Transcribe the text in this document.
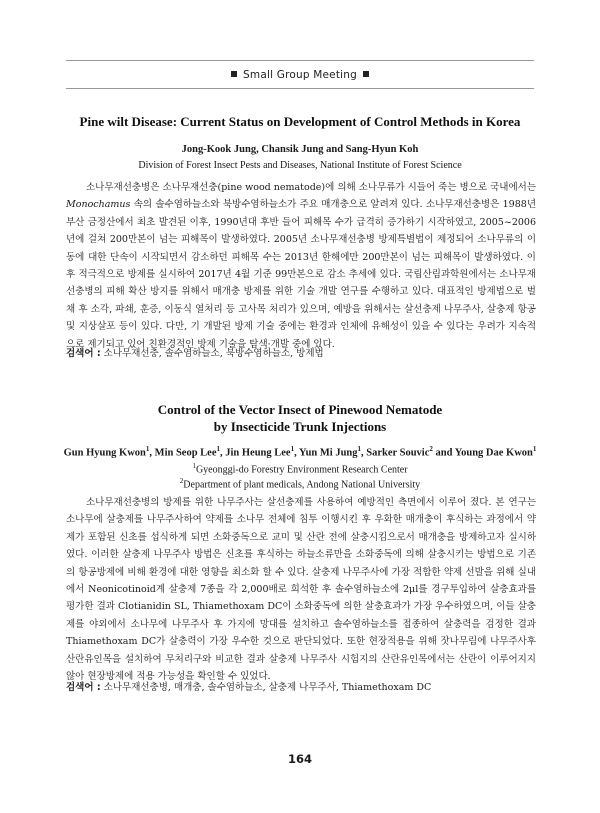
Small Group Meeting
Pine wilt Disease: Current Status on Development of Control Methods in Korea
Jong-Kook Jung, Chansik Jung and Sang-Hyun Koh
Division of Forest Insect Pests and Diseases, National Institute of Forest Science
소나무재선충병은 소나무재선충(pine wood nematode)에 의해 소나무류가 시들어 죽는 병으로 국내에서는 Monochamus 속의 솔수염하늘소와 북방수염하늘소가 주요 매개충으로 알려져 있다. 소나무재선충병은 1988년 부산 금정산에서 최초 발견된 이후, 1990년대 후반 들어 피해목 수가 급격히 증가하기 시작하였고, 2005~2006년에 걸쳐 200만본이 넘는 피해목이 발생하였다. 2005년 소나무재선충병 방제특별법이 제정되어 소나무류의 이동에 대한 단속이 시작되면서 감소하던 피해목 수는 2013년 한해에만 200만본이 넘는 피해목이 발생하였다. 이후 적극적으로 방제를 실시하여 2017년 4월 기준 99만본으로 감소 추세에 있다. 국립산림과학원에서는 소나무재선충병의 피해 확산 방지를 위해서 매개충 방제를 위한 기술 개발 연구를 수행하고 있다. 대표적인 방제법으로 벌채 후 소각, 파쇄, 훈증, 이동식 열처리 등 고사목 처리가 있으며, 예방을 위해서는 살선충제 나무주사, 살충제 항공 및 지상살포 등이 있다. 다만, 기 개발된 방제 기술 중에는 환경과 인체에 유해성이 있을 수 있다는 우려가 지속적으로 제기되고 있어 친환경적인 방제 기술을 탐색·개발 중에 있다.
검색어 : 소나무재선충, 솔수염하늘소, 북방수염하늘소, 방제법
Control of the Vector Insect of Pinewood Nematode
by Insecticide Trunk Injections
Gun Hyung Kwon$^1$, Min Seop Lee$^1$, Jin Heung Lee$^1$, Yun Mi Jung$^1$, Sarker Souvic$^2$ and Young Dae Kwon$^1$
$^1$Gyeonggi-do Forestry Environment Research Center
$^2$Department of plant medicals, Andong National University
소나무재선충병의 방제를 위한 나무주사는 살선충제를 사용하여 예방적인 측면에서 이루어 졌다. 본 연구는 소나무에 살충제를 나무주사하여 약제를 소나무 전체에 침투 이행시킨 후 우화한 매개충이 후식하는 과정에서 약제가 포함된 신초를 섭식하게 되면 소화중독으로 교미 및 산란 전에 살충시킴으로서 매개충을 방제하고자 실시하였다. 이러한 살충제 나무주사 방법은 신초를 후식하는 하늘소류만을 소화중독에 의해 살충시키는 방법으로 기존의 항공방제에 비해 환경에 대한 영향을 최소화 할 수 있다. 살충제 나무주사에 가장 적합한 약제 선발을 위해 실내에서 Neonicotinoid계 살충제 7종을 각 2,000배로 희석한 후 솔수염하늘소에 2μl를 경구투입하여 살충효과를 평가한 결과 Clotianidin SL, Thiamethoxam DC이 소화중독에 의한 살충효과가 가장 우수하였으며, 이들 살충제를 야외에서 소나무에 나무주사 후 가지에 망대를 설치하고 솔수염하늘소를 접종하여 살충력을 검정한 결과 Thiamethoxam DC가 살충력이 가장 우수한 것으로 판단되었다. 또한 현장적용을 위해 잣나무림에 나무주사후 산란유인목을 설치하여 무처리구와 비교한 결과 살충제 나무주사 시험지의 산란유인목에서는 산란이 이루어지지 않아 현장방제에 적용 가능성을 확인할 수 있었다.
검색어 : 소나무재선충병, 매개충, 솔수염하늘소, 살충제 나무주사, Thiamethoxam DC
164
